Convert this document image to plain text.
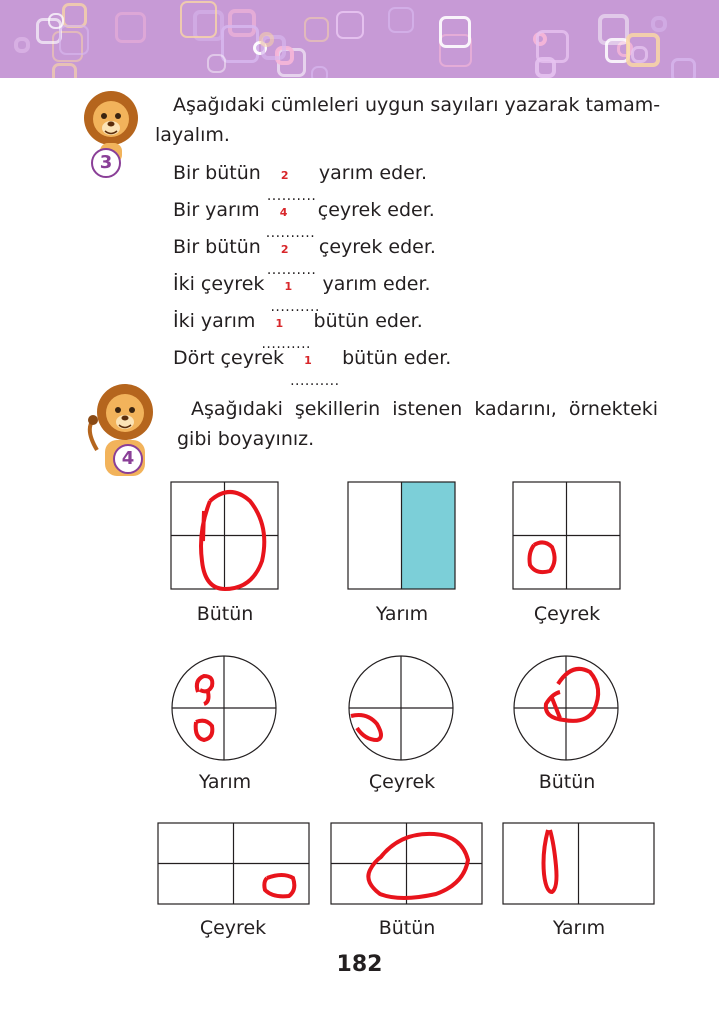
3
Aşağıdaki cümleleri uygun sayıları yazarak tamam-
layalım.
Bir bütün
..........
2 yarım eder.
Bir yarım
..........
4 çeyrek eder.
Bir bütün
..........
2 çeyrek eder.
İki çeyrek
..........
1 yarım eder.
İki yarım
..........
1 bütün eder.
Dört çeyrek
..........
1 bütün eder.
4
Aşağıdaki şekillerin istenen kadarını, örnekteki
gibi boyayınız.
Bütün	Yarım	Çeyrek
Yarım	Çeyrek	Bütün
Çeyrek	Bütün	Yarım
182
